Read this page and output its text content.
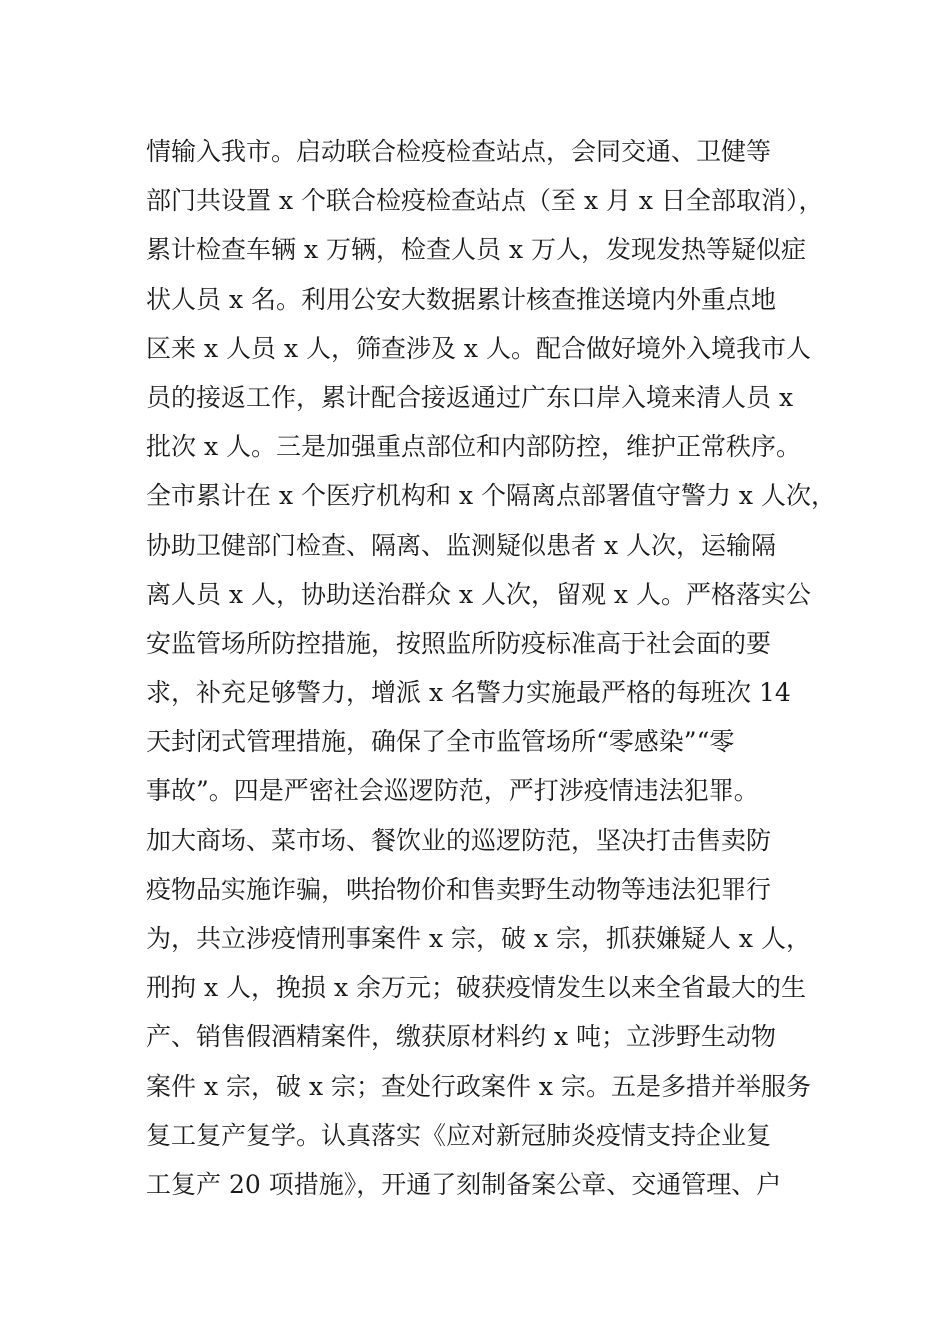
情输入我市。启动联合检疫检查站点，会同交通、卫健等
部门共设置 x 个联合检疫检查站点（至 x 月 x 日全部取消），
累计检查车辆 x 万辆，检查人员 x 万人，发现发热等疑似症
状人员 x 名。利用公安大数据累计核查推送境内外重点地
区来 x 人员 x 人，筛查涉及 x 人。配合做好境外入境我市人
员的接返工作，累计配合接返通过广东口岸入境来清人员 x
批次 x 人。三是加强重点部位和内部防控，维护正常秩序。
全市累计在 x 个医疗机构和 x 个隔离点部署值守警力 x 人次，
协助卫健部门检查、隔离、监测疑似患者 x 人次，运输隔
离人员 x 人，协助送治群众 x 人次，留观 x 人。严格落实公
安监管场所防控措施，按照监所防疫标准高于社会面的要
求，补充足够警力，增派 x 名警力实施最严格的每班次 14
天封闭式管理措施，确保了全市监管场所“零感染”“零
事故”。四是严密社会巡逻防范，严打涉疫情违法犯罪。
加大商场、菜市场、餐饮业的巡逻防范，坚决打击售卖防
疫物品实施诈骗，哄抬物价和售卖野生动物等违法犯罪行
为，共立涉疫情刑事案件 x 宗，破 x 宗，抓获嫌疑人 x 人，
刑拘 x 人，挽损 x 余万元；破获疫情发生以来全省最大的生
产、销售假酒精案件，缴获原材料约 x 吨；立涉野生动物
案件 x 宗，破 x 宗；查处行政案件 x 宗。五是多措并举服务
复工复产复学。认真落实《应对新冠肺炎疫情支持企业复
工复产 20 项措施》，开通了刻制备案公章、交通管理、户
